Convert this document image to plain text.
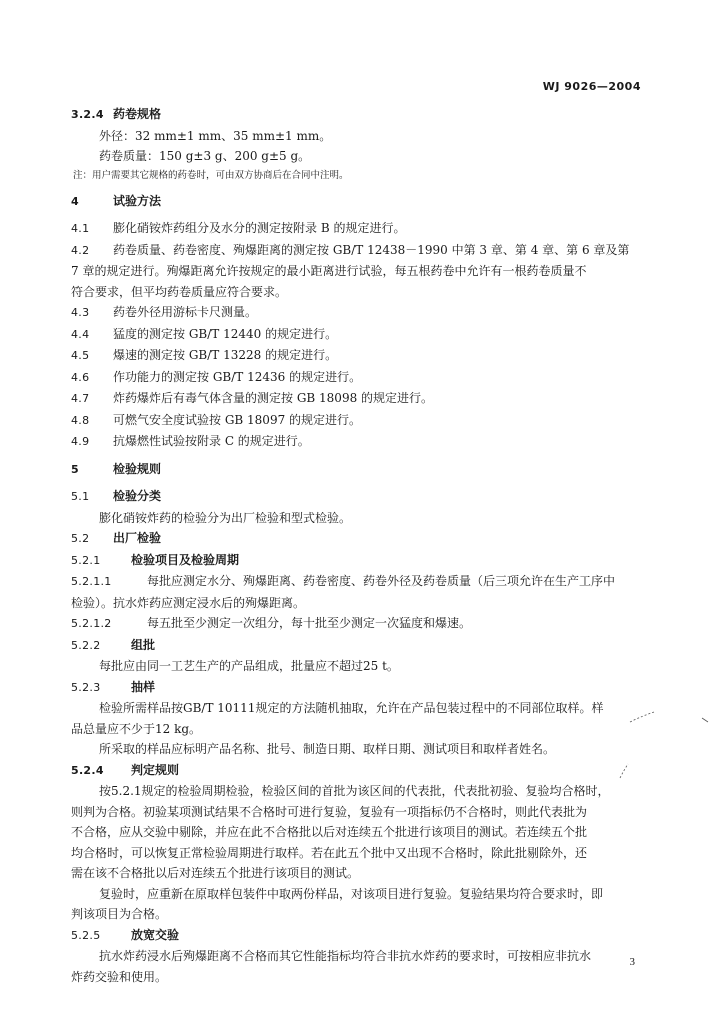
WJ 9026—2004

3.2.4 药卷规格

外径：32 mm±1 mm、35 mm±1 mm。

药卷质量：150 g±3 g、200 g±5 g。

注：用户需要其它规格的药卷时，可由双方协商后在合同中注明。

4	试验方法

4.1 膨化硝铵炸药组分及水分的测定按附录 B 的规定进行。

4.2 药卷质量、药卷密度、殉爆距离的测定按 GB/T 12438－1990 中第 3 章、第 4 章、第 6 章及第

7 章的规定进行。殉爆距离允许按规定的最小距离进行试验，每五根药卷中允许有一根药卷质量不

符合要求，但平均药卷质量应符合要求。

4.3 药卷外径用游标卡尺测量。

4.4 猛度的测定按 GB/T 12440 的规定进行。

4.5 爆速的测定按 GB/T 13228 的规定进行。

4.6 作功能力的测定按 GB/T 12436 的规定进行。

4.7 炸药爆炸后有毒气体含量的测定按 GB 18098 的规定进行。

4.8 可燃气安全度试验按 GB 18097 的规定进行。

4.9 抗爆燃性试验按附录 C 的规定进行。

5	检验规则

5.1 检验分类

膨化硝铵炸药的检验分为出厂检验和型式检验。

5.2 出厂检验

5.2.1	检验项目及检验周期

5.2.1.1	每批应测定水分、殉爆距离、药卷密度、药卷外径及药卷质量（后三项允许在生产工序中

检验）。抗水炸药应测定浸水后的殉爆距离。

5.2.1.2	每五批至少测定一次组分，每十批至少测定一次猛度和爆速。

5.2.2	组批

每批应由同一工艺生产的产品组成，批量应不超过25 t。

5.2.3	抽样

检验所需样品按GB/T 10111规定的方法随机抽取，允许在产品包装过程中的不同部位取样。样

品总量应不少于12 kg。

所采取的样品应标明产品名称、批号、制造日期、取样日期、测试项目和取样者姓名。

5.2.4 判定规则

按5.2.1规定的检验周期检验，检验区间的首批为该区间的代表批，代表批初验、复验均合格时，

则判为合格。初验某项测试结果不合格时可进行复验，复验有一项指标仍不合格时，则此代表批为

不合格，应从交验中剔除，并应在此不合格批以后对连续五个批进行该项目的测试。若连续五个批

均合格时，可以恢复正常检验周期进行取样。若在此五个批中又出现不合格时，除此批剔除外，还

需在该不合格批以后对连续五个批进行该项目的测试。

复验时，应重新在原取样包装件中取两份样品，对该项目进行复验。复验结果均符合要求时，即

判该项目为合格。

5.2.5	放宽交验

抗水炸药浸水后殉爆距离不合格而其它性能指标均符合非抗水炸药的要求时，可按相应非抗水

炸药交验和使用。

3
